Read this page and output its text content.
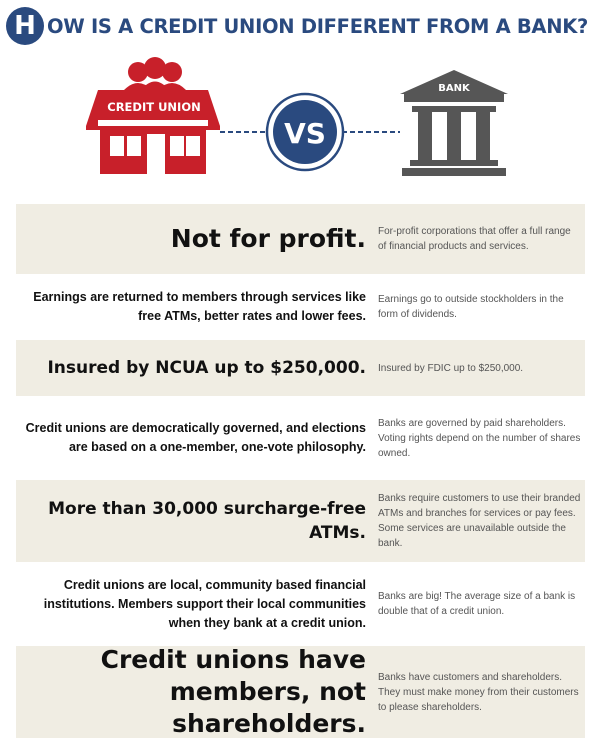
H OW IS A CREDIT UNION DIFFERENT FROM A BANK?
CREDIT UNION
VS
BANK
Not for profit.	For-profit corporations that offer a full range of financial products and services.
Earnings are returned to members through services like free ATMs, better rates and lower fees.
Earnings go to outside stockholders in the form of dividends.
Insured by NCUA up to $250,000.	Insured by FDIC up to $250,000.
Credit unions are democratically governed, and elections are based on a one-member, one-vote philosophy.
Banks are governed by paid shareholders. Voting rights depend on the number of shares owned.
More than 30,000 surcharge-free ATMs.
Banks require customers to use their branded ATMs and branches for services or pay fees. Some services are unavailable outside the bank.
Credit unions are local, community based financial institutions. Members support their local communities when they bank at a credit union.
Banks are big! The average size of a bank is double that of a credit union.
Credit unions have members, not shareholders.
Banks have customers and shareholders. They must make money from their customers to please shareholders.
